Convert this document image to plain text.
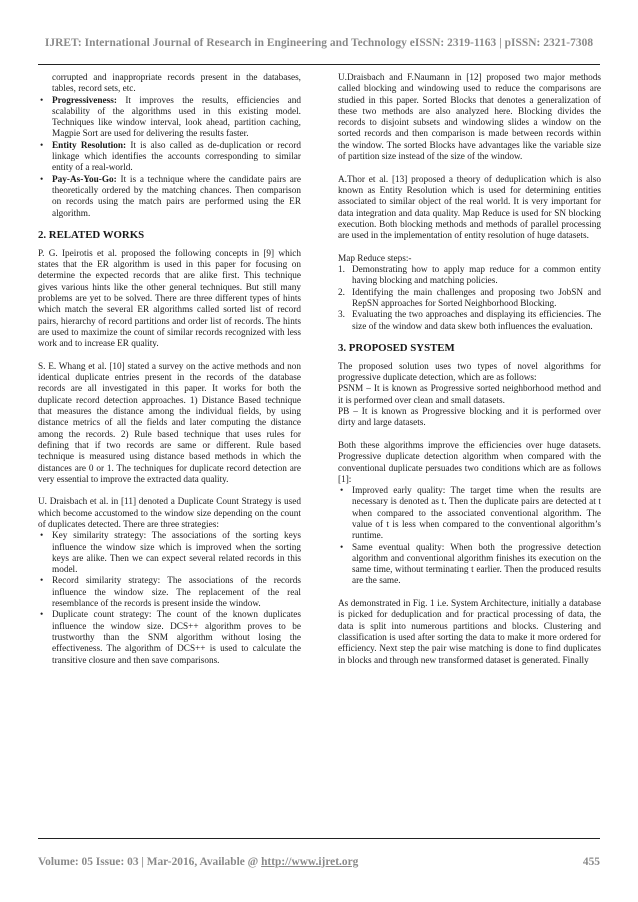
IJRET: International Journal of Research in Engineering and Technology eISSN: 2319-1163 | pISSN: 2321-7308
corrupted and inappropriate records present in the databases, tables, record sets, etc.
• Progressiveness: It improves the results, efficiencies and scalability of the algorithms used in this existing model. Techniques like window interval, look ahead, partition caching, Magpie Sort are used for delivering the results faster.
• Entity Resolution: It is also called as de-duplication or record linkage which identifies the accounts corresponding to similar entity of a real-world.
• Pay-As-You-Go: It is a technique where the candidate pairs are theoretically ordered by the matching chances. Then comparison on records using the match pairs are performed using the ER algorithm.
2. RELATED WORKS

P. G. Ipeirotis et al. proposed the following concepts in [9] which states that the ER algorithm is used in this paper for focusing on determine the expected records that are alike first. This technique gives various hints like the other general techniques. But still many problems are yet to be solved. There are three different types of hints which match the several ER algorithms called sorted list of record pairs, hierarchy of record partitions and order list of records. The hints are used to maximize the count of similar records recognized with less work and to increase ER quality.

S. E. Whang et al. [10] stated a survey on the active methods and non identical duplicate entries present in the records of the database records are all investigated in this paper. It works for both the duplicate record detection approaches. 1) Distance Based technique that measures the distance among the individual fields, by using distance metrics of all the fields and later computing the distance among the records. 2) Rule based technique that uses rules for defining that if two records are same or different. Rule based technique is measured using distance based methods in which the distances are 0 or 1. The techniques for duplicate record detection are very essential to improve the extracted data quality.

U. Draisbach et al. in [11] denoted a Duplicate Count Strategy is used which become accustomed to the window size depending on the count of duplicates detected. There are three strategies:

• Key similarity strategy: The associations of the sorting keys influence the window size which is improved when the sorting keys are alike. Then we can expect several related records in this model.
• Record similarity strategy: The associations of the records influence the window size. The replacement of the real resemblance of the records is present inside the window.
• Duplicate count strategy: The count of the known duplicates influence the window size. DCS++ algorithm proves to be trustworthy than the SNM algorithm without losing the effectiveness. The algorithm of DCS++ is used to calculate the transitive closure and then save comparisons.

U.Draisbach and F.Naumann in [12] proposed two major methods called blocking and windowing used to reduce the comparisons are studied in this paper. Sorted Blocks that denotes a generalization of these two methods are also analyzed here. Blocking divides the records to disjoint subsets and windowing slides a window on the sorted records and then comparison is made between records within the window. The sorted Blocks have advantages like the variable size of partition size instead of the size of the window.

A.Thor et al. [13] proposed a theory of deduplication which is also known as Entity Resolution which is used for determining entities associated to similar object of the real world. It is very important for data integration and data quality. Map Reduce is used for SN blocking execution. Both blocking methods and methods of parallel processing are used in the implementation of entity resolution of huge datasets.

Map Reduce steps:-

1. Demonstrating how to apply map reduce for a common entity having blocking and matching policies.
2. Identifying the main challenges and proposing two JobSN and RepSN approaches for Sorted Neighborhood Blocking.
3. Evaluating the two approaches and displaying its efficiencies. The size of the window and data skew both influences the evaluation.
3. PROPOSED SYSTEM

The proposed solution uses two types of novel algorithms for progressive duplicate detection, which are as follows:

PSNM – It is known as Progressive sorted neighborhood method and it is performed over clean and small datasets.

PB – It is known as Progressive blocking and it is performed over dirty and large datasets.

Both these algorithms improve the efficiencies over huge datasets. Progressive duplicate detection algorithm when compared with the conventional duplicate persuades two conditions which are as follows [1]:

• Improved early quality: The target time when the results are necessary is denoted as t. Then the duplicate pairs are detected at t when compared to the associated conventional algorithm. The value of t is less when compared to the conventional algorithm’s runtime.
• Same eventual quality: When both the progressive detection algorithm and conventional algorithm finishes its execution on the same time, without terminating t earlier. Then the produced results are the same.

As demonstrated in Fig. 1 i.e. System Architecture, initially a database is picked for deduplication and for practical processing of data, the data is split into numerous partitions and blocks. Clustering and classification is used after sorting the data to make it more ordered for efficiency. Next step the pair wise matching is done to find duplicates in blocks and through new transformed dataset is generated. Finally

Volume: 05 Issue: 03 | Mar-2016, Available @ http://www.ijret.org	455
